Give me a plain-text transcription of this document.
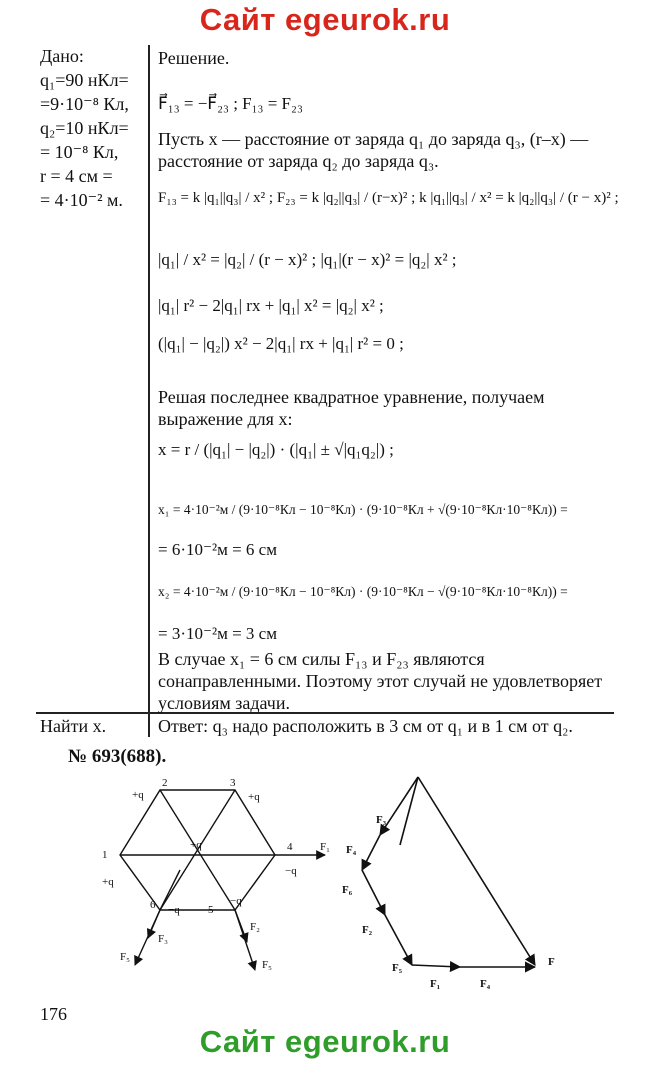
Сайт egeurok.ru
Дано:
q₁=90 нКл=
=9·10⁻⁸ Кл,
q₂=10 нКл=
= 10⁻⁸ Кл,
r = 4 см =
= 4·10⁻² м.
Решение.
F⃗₁₃ = −F⃗₂₃ ; F₁₃ = F₂₃
Пусть x — расстояние от заряда q₁ до заряда q₃, (r–x) — расстояние от заряда q₂ до заряда q₃.
F₁₃ = k |q₁||q₃| / x² ; F₂₃ = k |q₂||q₃| / (r−x)² ; k |q₁||q₃| / x² = k |q₂||q₃| / (r − x)² ;
|q₁| / x² = |q₂| / (r − x)² ; |q₁|(r − x)² = |q₂| x² ;
|q₁| r² − 2|q₁| rx + |q₁| x² = |q₂| x² ;
(|q₁| − |q₂|) x² − 2|q₁| rx + |q₁| r² = 0 ;
Решая последнее квадратное уравнение, получаем выражение для x:
x = r / (|q₁| − |q₂|) · (|q₁| ± √|q₁q₂|) ;
x₁ = 4·10⁻²м / (9·10⁻⁸Кл − 10⁻⁸Кл) · (9·10⁻⁸Кл + √(9·10⁻⁸Кл·10⁻⁸Кл)) =
= 6·10⁻²м = 6 см
x₂ = 4·10⁻²м / (9·10⁻⁸Кл − 10⁻⁸Кл) · (9·10⁻⁸Кл − √(9·10⁻⁸Кл·10⁻⁸Кл)) =
= 3·10⁻²м = 3 см
В случае x₁ = 6 см силы F₁₃ и F₂₃ являются сонаправленными. Поэтому этот случай не удовлетворяет условиям задачи.
Найти x.	Ответ: q₃ надо расположить в 3 см от q₁ и в 1 см от q₂.
№ 693(688).
1
2	3
4
5
6
+q	+q
+q
+q
−q
−q
−q
F₁
F₂
F₃
F₅
F₅
F₃
F₄
F₆
F₂
F₅
F₁	F₄
F
176
Сайт egeurok.ru
